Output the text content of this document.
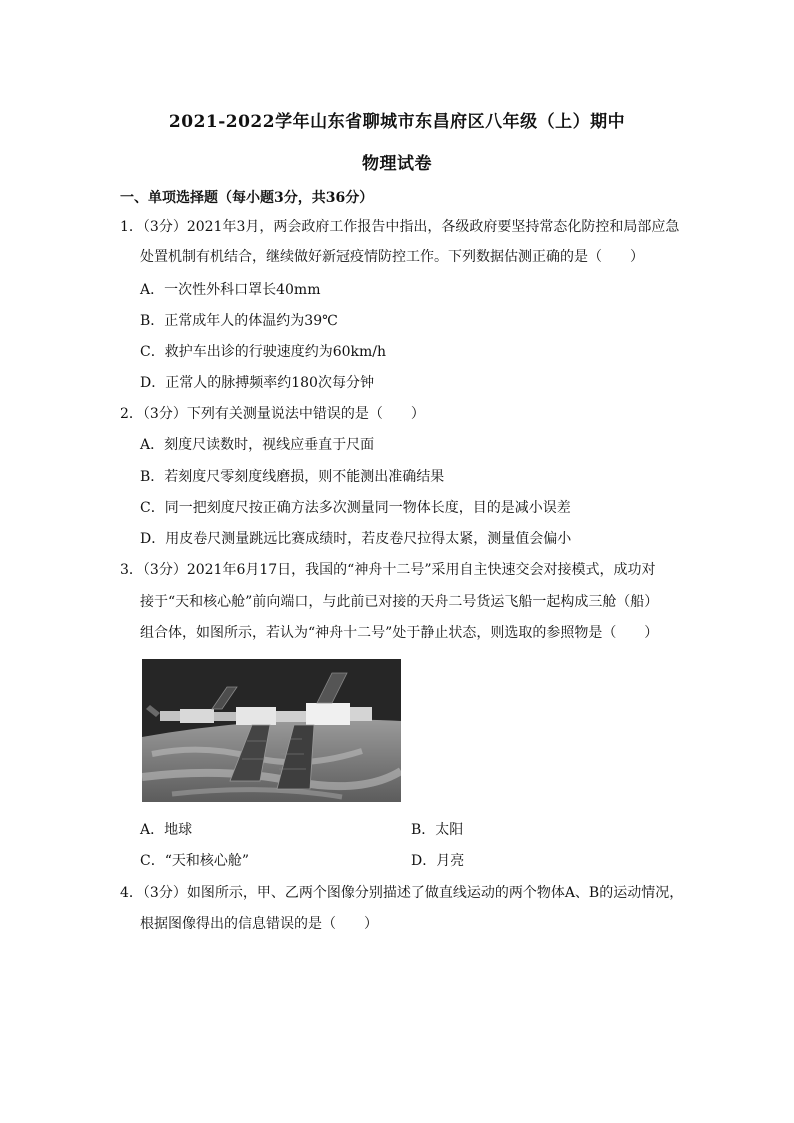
2021-2022学年山东省聊城市东昌府区八年级（上）期中
物理试卷
一、单项选择题（每小题3分，共36分）
1．（3分）2021年3月，两会政府工作报告中指出，各级政府要坚持常态化防控和局部应急
处置机制有机结合，继续做好新冠疫情防控工作。下列数据估测正确的是（　　）
A．一次性外科口罩长40mm
B．正常成年人的体温约为39℃
C．救护车出诊的行驶速度约为60km/h
D．正常人的脉搏频率约180次每分钟
2．（3分）下列有关测量说法中错误的是（　　）
A．刻度尺读数时，视线应垂直于尺面
B．若刻度尺零刻度线磨损，则不能测出准确结果
C．同一把刻度尺按正确方法多次测量同一物体长度，目的是减小误差
D．用皮卷尺测量跳远比赛成绩时，若皮卷尺拉得太紧，测量值会偏小
3．（3分）2021年6月17日，我国的“神舟十二号”采用自主快速交会对接模式，成功对
接于“天和核心舱”前向端口，与此前已对接的天舟二号货运飞船一起构成三舱（船）
组合体，如图所示，若认为“神舟十二号”处于静止状态，则选取的参照物是（　　）
A．地球	B．太阳
C．“天和核心舱”	D．月亮
4．（3分）如图所示，甲、乙两个图像分别描述了做直线运动的两个物体A、B的运动情况，
根据图像得出的信息错误的是（　　）
